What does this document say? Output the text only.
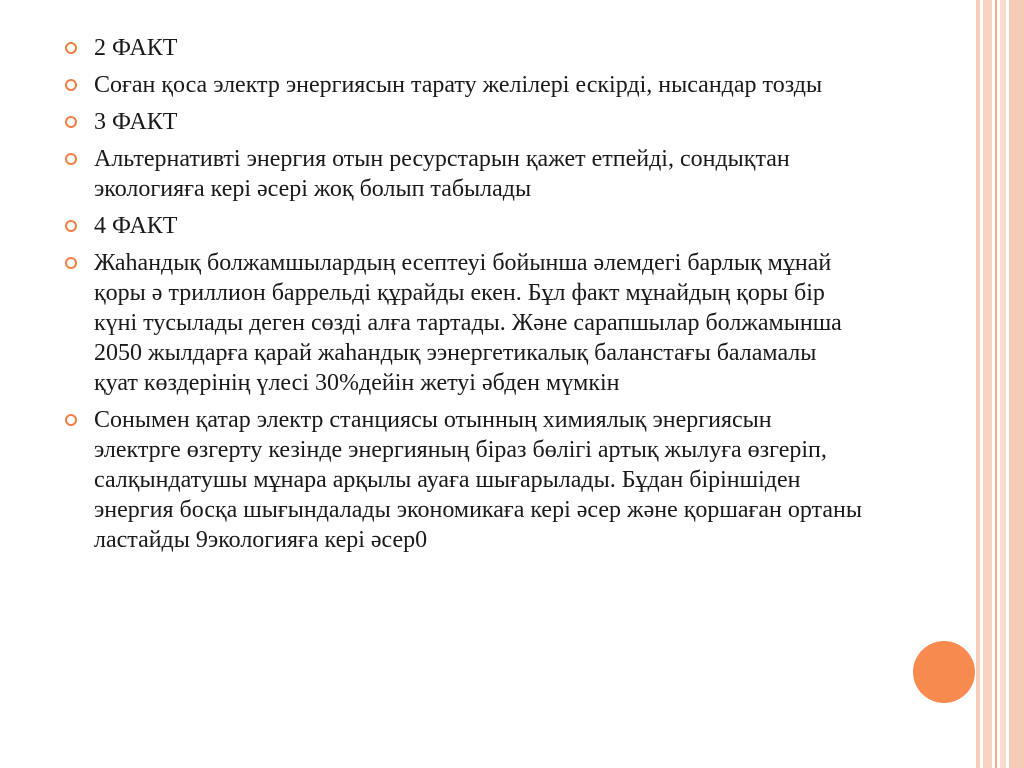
2 ФАКТ
Соған қоса электр энергиясын тарату желілері ескірді, нысандар тозды
3 ФАКТ
Альтернативті энергия отын ресурстарын қажет етпейді, сондықтан экологияға кері әсері жоқ болып табылады
4 ФАКТ
Жаһандық болжамшылардың есептеуі бойынша әлемдегі барлық мұнай қоры ә триллион баррельді құрайды екен. Бұл факт мұнайдың қоры бір күні тусылады деген сөзді алға тартады. Және сарапшылар болжамынша 2050 жылдарға қарай жаһандық ээнергетикалық баланстағы баламалы қуат көздерінің үлесі 30%дейін жетуі әбден мүмкін
Сонымен қатар электр станциясы отынның химиялық энергиясын электрге өзгерту кезінде энергияның біраз бөлігі артық жылуға өзгеріп, салқындатушы мұнара арқылы ауаға шығарылады. Бұдан біріншіден энергия босқа шығындалады экономикаға кері әсер және қоршаған ортаны ластайды 9экологияға кері әсер0
